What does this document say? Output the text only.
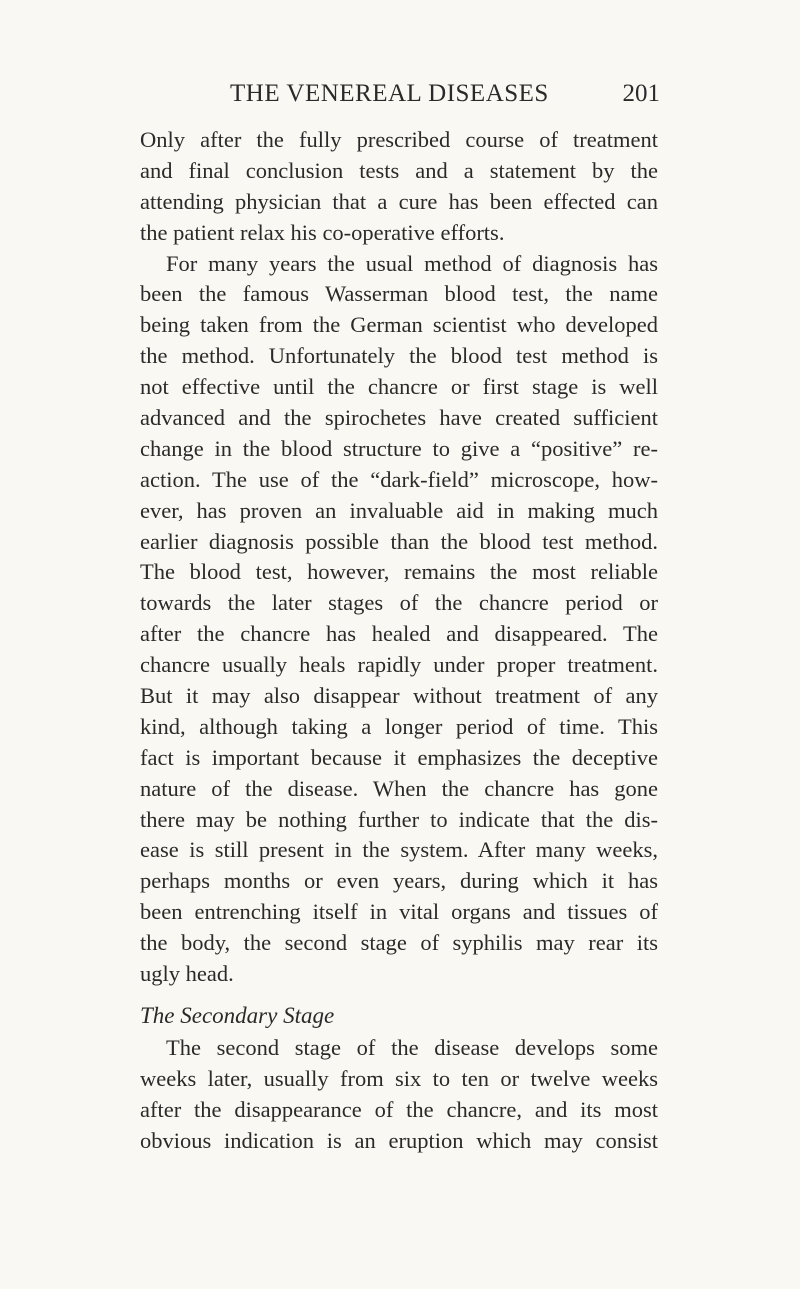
THE VENEREAL DISEASES	201
Only after the fully prescribed course of treatment
and final conclusion tests and a statement by the
attending physician that a cure has been effected can
the patient relax his co-operative efforts.
For many years the usual method of diagnosis has
been the famous Wasserman blood test, the name
being taken from the German scientist who developed
the method. Unfortunately the blood test method is
not effective until the chancre or first stage is well
advanced and the spirochetes have created sufficient
change in the blood structure to give a “positive” re-
action. The use of the “dark-field” microscope, how-
ever, has proven an invaluable aid in making much
earlier diagnosis possible than the blood test method.
The blood test, however, remains the most reliable
towards the later stages of the chancre period or
after the chancre has healed and disappeared. The
chancre usually heals rapidly under proper treatment.
But it may also disappear without treatment of any
kind, although taking a longer period of time. This
fact is important because it emphasizes the deceptive
nature of the disease. When the chancre has gone
there may be nothing further to indicate that the dis-
ease is still present in the system. After many weeks,
perhaps months or even years, during which it has
been entrenching itself in vital organs and tissues of
the body, the second stage of syphilis may rear its
ugly head.
The Secondary Stage
The second stage of the disease develops some
weeks later, usually from six to ten or twelve weeks
after the disappearance of the chancre, and its most
obvious indication is an eruption which may consist
